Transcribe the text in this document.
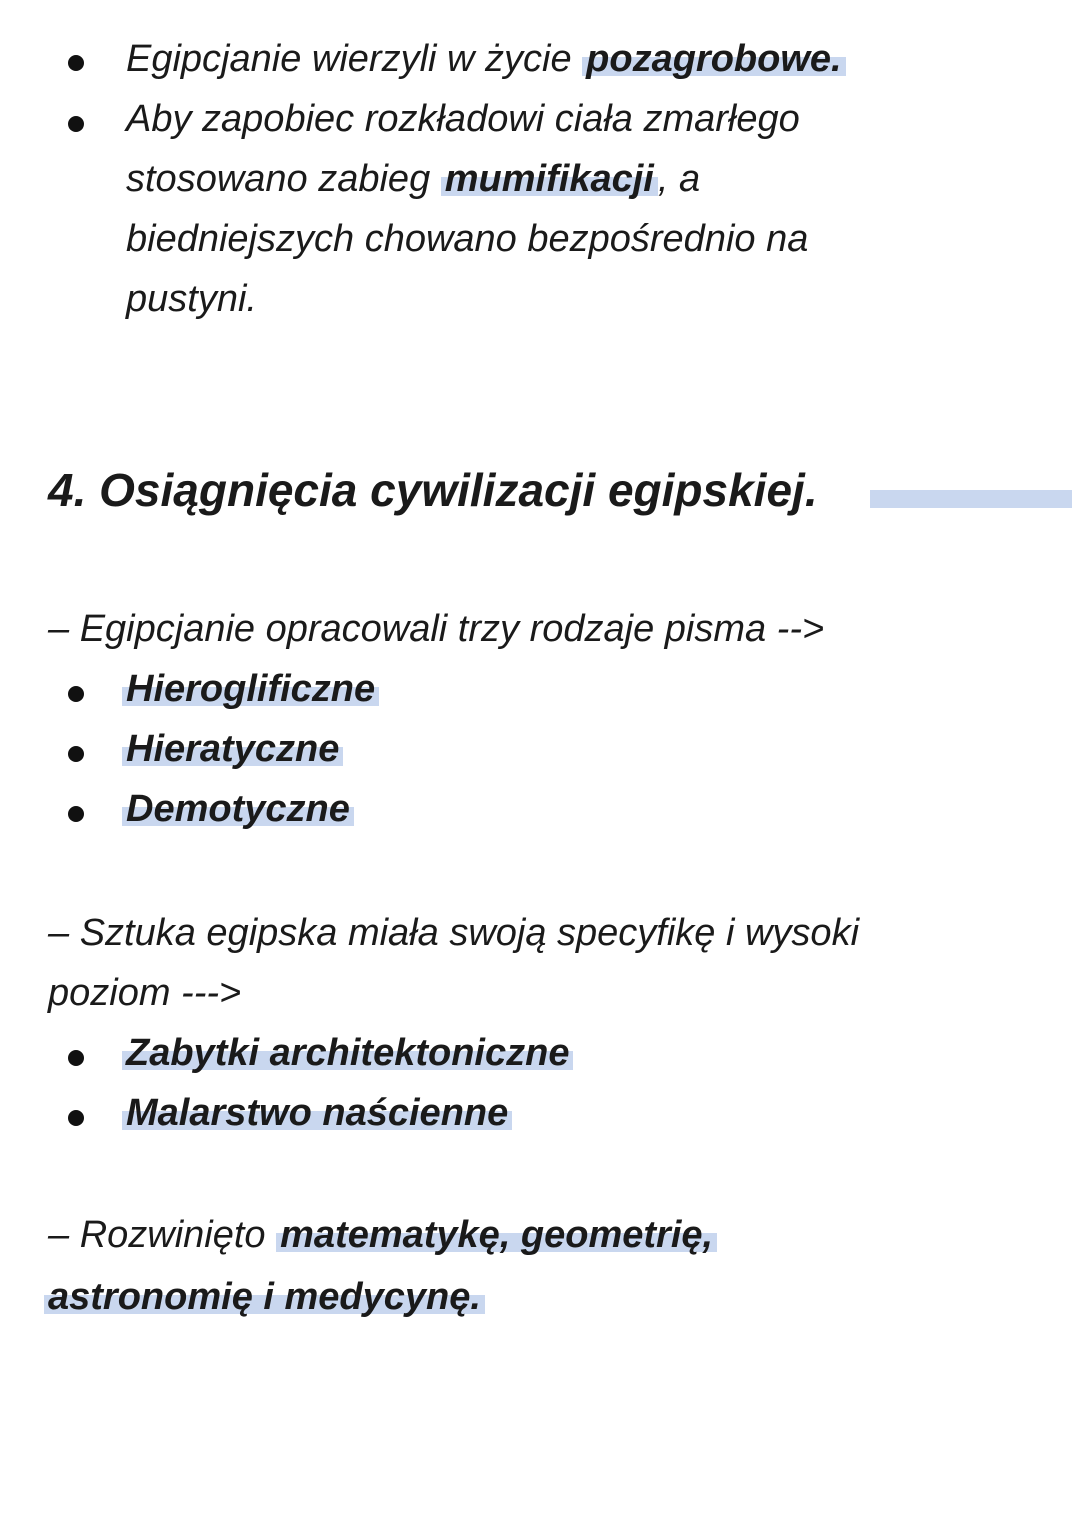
Egipcjanie wierzyli w życie pozagrobowe.
Aby zapobiec rozkładowi ciała zmarłego
stosowano zabieg mumifikacji , a
biedniejszych chowano bezpośrednio na
pustyni.
4. Osiągnięcia cywilizacji egipskiej.
– Egipcjanie opracowali trzy rodzaje pisma -->
Hieroglificzne
Hieratyczne
Demotyczne
– Sztuka egipska miała swoją specyfikę i wysoki
poziom --->
Zabytki architektoniczne
Malarstwo naścienne
– Rozwinięto matematykę, geometrię,
astronomię i medycynę.
